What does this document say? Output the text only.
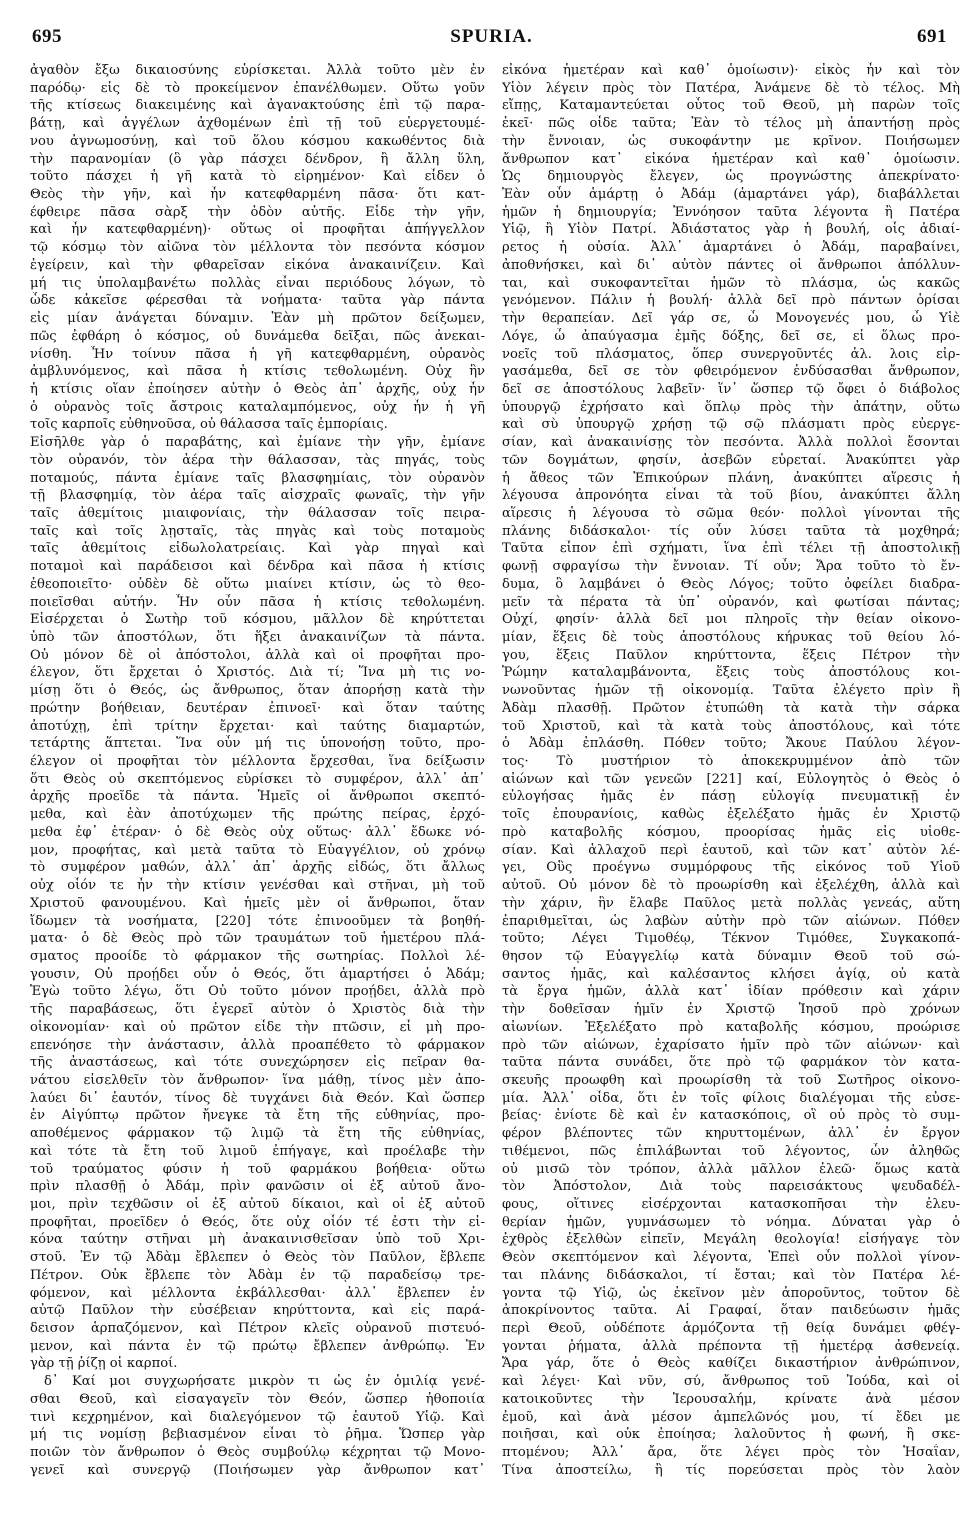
695	SPURIA.	691
ἀγαθὸν ἔξω δικαιοσύνης εὑρίσκεται. Ἀλλὰ τοῦτο μὲν ἐν
παρόδῳ· εἰς δὲ τὸ προκείμενον ἐπανέλθωμεν. Οὕτω γοῦν
τῆς κτίσεως διακειμένης καὶ ἀγανακτούσης ἐπὶ τῷ παρα-
βάτῃ, καὶ ἀγγέλων ἀχθομένων ἐπὶ τῇ τοῦ εὐεργετουμέ-
νου ἀγνωμοσύνῃ, καὶ τοῦ ὅλου κόσμου κακωθέντος διὰ
τὴν παρανομίαν (ὃ γὰρ πάσχει δένδρον, ἢ ἄλλη ὕλη,
τοῦτο πάσχει ἡ γῆ κατὰ τὸ εἰρημένον· Καὶ εἶδεν ὁ
Θεὸς τὴν γῆν, καὶ ἦν κατεφθαρμένη πᾶσα· ὅτι κατ-
έφθειρε πᾶσα σὰρξ τὴν ὁδὸν αὐτῆς. Εἶδε τὴν γῆν,
καὶ ἦν κατεφθαρμένη)· οὕτως οἱ προφῆται ἀπήγγελλον
τῷ κόσμῳ τὸν αἰῶνα τὸν μέλλοντα τὸν πεσόντα κόσμον
ἐγείρειν, καὶ τὴν φθαρεῖσαν εἰκόνα ἀνακαινίζειν. Καὶ
μή τις ὑπολαμβανέτω πολλὰς εἶναι περιόδους λόγων, τὸ
ὧδε κἀκεῖσε φέρεσθαι τὰ νοήματα· ταῦτα γὰρ πάντα
εἰς μίαν ἀνάγεται δύναμιν. Ἐὰν μὴ πρῶτον δείξωμεν,
πῶς ἐφθάρη ὁ κόσμος, οὐ δυνάμεθα δεῖξαι, πῶς ἀνεκαι-
νίσθη. Ἦν τοίνυν πᾶσα ἡ γῆ κατεφθαρμένη, οὐρανὸς
ἀμβλυνόμενος, καὶ πᾶσα ἡ κτίσις τεθολωμένη. Οὐχ ἣν
ἡ κτίσις οἵαν ἐποίησεν αὐτὴν ὁ Θεὸς ἀπ᾿ ἀρχῆς, οὐχ ἦν
ὁ οὐρανὸς τοῖς ἄστροις καταλαμπόμενος, οὐχ ἦν ἡ γῆ
τοῖς καρποῖς εὐθηνοῦσα, οὐ θάλασσα ταῖς ἐμπορίαις.
Εἰσῆλθε γὰρ ὁ παραβάτης, καὶ ἐμίανε τὴν γῆν, ἐμίανε
τὸν οὐρανόν, τὸν ἀέρα τὴν θάλασσαν, τὰς πηγάς, τοὺς
ποταμούς, πάντα ἐμίανε ταῖς βλασφημίαις, τὸν οὐρανὸν
τῇ βλασφημίᾳ, τὸν ἀέρα ταῖς αἰσχραῖς φωναῖς, τὴν γῆν
ταῖς ἀθεμίτοις μιαιφονίαις, τὴν θάλασσαν τοῖς πειρα-
ταῖς καὶ τοῖς λῃσταῖς, τὰς πηγὰς καὶ τοὺς ποταμοὺς
ταῖς ἀθεμίτοις εἰδωλολατρείαις. Καὶ γὰρ πηγαὶ καὶ
ποταμοὶ καὶ παράδεισοι καὶ δένδρα καὶ πᾶσα ἡ κτίσις
ἐθεοποιεῖτο· οὐδὲν δὲ οὕτω μιαίνει κτίσιν, ὡς τὸ θεο-
ποιεῖσθαι αὐτήν. Ἦν οὖν πᾶσα ἡ κτίσις τεθολωμένη.
Εἰσέρχεται ὁ Σωτὴρ τοῦ κόσμου, μᾶλλον δὲ κηρύττεται
ὑπὸ τῶν ἀποστόλων, ὅτι ἥξει ἀνακαινίζων τὰ πάντα.
Οὐ μόνον δὲ οἱ ἀπόστολοι, ἀλλὰ καὶ οἱ προφῆται προ-
έλεγον, ὅτι ἔρχεται ὁ Χριστός. Διὰ τί; Ἵνα μὴ τις νο-
μίσῃ ὅτι ὁ Θεός, ὡς ἄνθρωπος, ὅταν ἀπορήσῃ κατὰ τὴν
πρώτην βοήθειαν, δευτέραν ἐπινοεῖ· καὶ ὅταν ταύτης
ἀποτύχῃ, ἐπὶ τρίτην ἔρχεται· καὶ ταύτης διαμαρτών,
τετάρτης ἅπτεται. Ἵνα οὖν μή τις ὑπονοήσῃ τοῦτο, προ-
έλεγον οἱ προφῆται τὸν μέλλοντα ἔρχεσθαι, ἵνα δείξωσιν
ὅτι Θεὸς οὐ σκεπτόμενος εὑρίσκει τὸ συμφέρον, ἀλλ᾿ ἀπ᾿
ἀρχῆς προεῖδε τὰ πάντα. Ἡμεῖς οἱ ἄνθρωποι σκεπτό-
μεθα, καὶ ἐὰν ἀποτύχωμεν τῆς πρώτης πείρας, ἐρχό-
μεθα ἐφ᾿ ἑτέραν· ὁ δὲ Θεὸς οὐχ οὕτως· ἀλλ᾿ ἔδωκε νό-
μον, προφήτας, καὶ μετὰ ταῦτα τὸ Εὐαγγέλιον, οὐ χρόνῳ
τὸ συμφέρον μαθών, ἀλλ᾿ ἀπ᾿ ἀρχῆς εἰδώς, ὅτι ἄλλως
οὐχ οἷόν τε ἦν τὴν κτίσιν γενέσθαι καὶ στῆναι, μὴ τοῦ
Χριστοῦ φανουμένου. Καὶ ἡμεῖς μὲν οἱ ἄνθρωποι, ὅταν
ἴδωμεν τὰ νοσήματα, [220] τότε ἐπινοοῦμεν τὰ βοηθή-
ματα· ὁ δὲ Θεὸς πρὸ τῶν τραυμάτων τοῦ ἡμετέρου πλά-
σματος προοίδε τὸ φάρμακον τῆς σωτηρίας. Πολλοὶ λέ-
γουσιν, Οὐ προῄδει οὖν ὁ Θεός, ὅτι ἁμαρτήσει ὁ Ἀδάμ;
Ἐγὼ τοῦτο λέγω, ὅτι Οὐ τοῦτο μόνον προῄδει, ἀλλὰ πρὸ
τῆς παραβάσεως, ὅτι ἐγερεῖ αὐτὸν ὁ Χριστὸς διὰ τὴν
οἰκονομίαν· καὶ οὐ πρῶτον εἶδε τὴν πτῶσιν, εἶ μὴ προ-
επενόησε τὴν ἀνάστασιν, ἀλλὰ προαπέθετο τὸ φάρμακον
τῆς ἀναστάσεως, καὶ τότε συνεχώρησεν εἰς πεῖραν θα-
νάτου εἰσελθεῖν τὸν ἄνθρωπον· ἵνα μάθῃ, τίνος μὲν ἀπο-
λαύει δι᾿ ἑαυτόν, τίνος δὲ τυγχάνει διὰ Θεόν. Καὶ ὥσπερ
ἐν Αἰγύπτῳ πρῶτον ἤνεγκε τὰ ἔτη τῆς εὐθηνίας, προ-
αποθέμενος φάρμακον τῷ λιμῷ τὰ ἔτη τῆς εὐθηνίας,
καὶ τότε τὰ ἔτη τοῦ λιμοῦ ἐπήγαγε, καὶ προέλαβε τὴν
τοῦ τραύματος φύσιν ἡ τοῦ φαρμάκου βοήθεια· οὕτω
πρὶν πλασθῇ ὁ Ἀδάμ, πρὶν φανῶσιν οἱ ἐξ αὐτοῦ ἄνο-
μοι, πρὶν τεχθῶσιν οἱ ἐξ αὐτοῦ δίκαιοι, καὶ οἱ ἐξ αὐτοῦ
προφῆται, προεῖδεν ὁ Θεός, ὅτε οὐχ οἷόν τέ ἐστι τὴν εἰ-
κόνα ταύτην στῆναι μὴ ἀνακαινισθεῖσαν ὑπὸ τοῦ Χρι-
στοῦ. Ἐν τῷ Ἀδὰμ ἔβλεπεν ὁ Θεὸς τὸν Παῦλον, ἔβλεπε
Πέτρον. Οὐκ ἔβλεπε τὸν Ἀδὰμ ἐν τῷ παραδείσῳ τρε-
φόμενον, καὶ μέλλοντα ἐκβάλλεσθαι· ἀλλ᾿ ἔβλεπεν ἐν
αὐτῷ Παῦλον τὴν εὐσέβειαν κηρύττοντα, καὶ εἰς παρά-
δεισον ἁρπαζόμενον, καὶ Πέτρον κλεῖς οὐρανοῦ πιστευό-
μενον, καὶ πάντα ἐν τῷ πρώτῳ ἔβλεπεν ἀνθρώπῳ. Ἐν
γὰρ τῇ ῥίζῃ οἱ καρποί.
δ᾿ Καί μοι συγχωρήσατε μικρὸν τι ὡς ἐν ὁμιλίᾳ γενέ-
σθαι Θεοῦ, καὶ εἰσαγαγεῖν τὸν Θεόν, ὥσπερ ἠθοποιία
τινὶ κεχρημένον, καὶ διαλεγόμενον τῷ ἑαυτοῦ Υἱῷ. Καὶ
μή τις νομίσῃ βεβιασμένον εἶναι τὸ ῥῆμα. Ὥσπερ γὰρ
ποιῶν τὸν ἄνθρωπον ὁ Θεὸς συμβούλῳ κέχρηται τῷ Μονο-
γενεῖ καὶ συνεργῷ (Ποιήσωμεν γὰρ ἄνθρωπον κατ᾿
εἰκόνα ἡμετέραν καὶ καθ᾿ ὁμοίωσιν)· εἰκὸς ἦν καὶ τὸν
Υἱὸν λέγειν πρὸς τὸν Πατέρα, Ἀνάμενε δὲ τὸ τέλος. Μὴ
εἴπῃς, Καταμαντεύεται οὗτος τοῦ Θεοῦ, μὴ παρὼν τοῖς
ἐκεῖ· πῶς οἶδε ταῦτα; Ἐὰν τὸ τέλος μὴ ἀπαντήσῃ πρὸς
τὴν ἔννοιαν, ὡς συκοφάντην με κρῖνον. Ποιήσωμεν
ἄνθρωπον κατ᾿ εἰκόνα ἡμετέραν καὶ καθ᾿ ὁμοίωσιν.
Ὡς δημιουργὸς ἔλεγεν, ὡς προγνώστης ἀπεκρίνατο·
Ἐὰν οὖν ἁμάρτῃ ὁ Ἀδάμ (ἁμαρτάνει γάρ), διαβάλλεται
ἡμῶν ἡ δημιουργία; Ἐννόησον ταῦτα λέγοντα ἢ Πατέρα
Υἱῷ, ἢ Υἱὸν Πατρί. Ἀδιάστατος γὰρ ἡ βουλή, οἷς ἀδιαί-
ρετος ἡ οὐσία. Ἀλλ᾿ ἁμαρτάνει ὁ Ἀδάμ, παραβαίνει,
ἀποθνήσκει, καὶ δι᾿ αὐτὸν πάντες οἱ ἄνθρωποι ἀπόλλυν-
ται, καὶ συκοφαντεῖται ἡμῶν τὸ πλάσμα, ὡς κακῶς
γενόμενον. Πάλιν ἡ βουλή· ἀλλὰ δεῖ πρὸ πάντων ὁρίσαι
τὴν θεραπείαν. Δεῖ γάρ σε, ὦ Μονογενές μου, ὦ Υἱὲ
Λόγε, ὦ ἀπαύγασμα ἐμῆς δόξης, δεῖ σε, εἰ ὅλως προ-
νοεῖς τοῦ πλάσματος, ὅπερ συνεργοῦντές ἀλ. λοις εἰρ-
γασάμεθα, δεῖ σε τὸν φθειρόμενον ἐνδύσασθαι ἄνθρωπον,
δεῖ σε ἀποστόλους λαβεῖν· ἵν᾿ ὥσπερ τῷ ὄφει ὁ διάβολος
ὑπουργῷ ἐχρήσατο καὶ ὅπλῳ πρὸς τὴν ἀπάτην, οὕτω
καὶ σὺ ὑπουργῷ χρήσῃ τῷ σῷ πλάσματι πρὸς εὐεργε-
σίαν, καὶ ἀνακαινίσῃς τὸν πεσόντα. Ἀλλὰ πολλοὶ ἔσονται
τῶν δογμάτων, φησίν, ἀσεβῶν εὑρεταί. Ἀνακύπτει γὰρ
ἡ ἄθεος τῶν Ἐπικούρων πλάνη, ἀνακύπτει αἵρεσις ἡ
λέγουσα ἀπρονόητα εἶναι τὰ τοῦ βίου, ἀνακύπτει ἄλλη
αἵρεσις ἡ λέγουσα τὸ σῶμα θεόν· πολλοὶ γίνονται τῆς
πλάνης διδάσκαλοι· τίς οὖν λύσει ταῦτα τὰ μοχθηρά;
Ταῦτα εἶπον ἐπὶ σχήματι, ἵνα ἐπὶ τέλει τῇ ἀποστολικῇ
φωνῇ σφραγίσω τὴν ἔννοιαν. Τί οὖν; Ἄρα τοῦτο τὸ ἔν-
δυμα, ὃ λαμβάνει ὁ Θεὸς Λόγος; τοῦτο ὀφείλει διαδρα-
μεῖν τὰ πέρατα τὰ ὑπ᾿ οὐρανόν, καὶ φωτίσαι πάντας;
Οὐχί, φησίν· ἀλλὰ δεῖ μοι πληροῖς τὴν θείαν οἰκονο-
μίαν, ἕξεις δὲ τοὺς ἀποστόλους κήρυκας τοῦ θείου λό-
γου, ἕξεις Παῦλον κηρύττοντα, ἕξεις Πέτρον τὴν
Ῥώμην καταλαμβάνοντα, ἕξεις τοὺς ἀποστόλους κοι-
νωνοῦντας ἡμῶν τῇ οἰκονομίᾳ. Ταῦτα ἐλέγετο πρὶν ἢ
Ἀδὰμ πλασθῇ. Πρῶτον ἐτυπώθη τὰ κατὰ τὴν σάρκα
τοῦ Χριστοῦ, καὶ τὰ κατὰ τοὺς ἀποστόλους, καὶ τότε
ὁ Ἀδὰμ ἐπλάσθη. Πόθεν τοῦτο; Ἄκουε Παύλου λέγον-
τος· Τὸ μυστήριον τὸ ἀποκεκρυμμένον ἀπὸ τῶν
αἰώνων καὶ τῶν γενεῶν [221] καί, Εὐλογητὸς ὁ Θεὸς ὁ
εὐλογήσας ἡμᾶς ἐν πάσῃ εὐλογίᾳ πνευματικῇ ἐν
τοῖς ἐπουρανίοις, καθὼς ἐξελέξατο ἡμᾶς ἐν Χριστῷ
πρὸ καταβολῆς κόσμου, προορίσας ἡμᾶς εἰς υἱοθε-
σίαν. Καὶ ἀλλαχοῦ περὶ ἑαυτοῦ, καὶ τῶν κατ᾿ αὐτὸν λέ-
γει, Οὓς προέγνω συμμόρφους τῆς εἰκόνος τοῦ Υἱοῦ
αὐτοῦ. Οὐ μόνον δὲ τὸ προωρίσθη καὶ ἐξελέχθη, ἀλλὰ καὶ
τὴν χάριν, ἣν ἔλαβε Παῦλος μετὰ πολλὰς γενεάς, αὕτη
ἐπαριθμεῖται, ὡς λαβὼν αὐτὴν πρὸ τῶν αἰώνων. Πόθεν
τοῦτο; Λέγει Τιμοθέῳ, Τέκνον Τιμόθεε, Συγκακοπά-
θησον τῷ Εὐαγγελίῳ κατὰ δύναμιν Θεοῦ τοῦ σώ-
σαντος ἡμᾶς, καὶ καλέσαντος κλήσει ἁγίᾳ, οὐ κατὰ
τὰ ἔργα ἡμῶν, ἀλλὰ κατ᾿ ἰδίαν πρόθεσιν καὶ χάριν
τὴν δοθεῖσαν ἡμῖν ἐν Χριστῷ Ἰησοῦ πρὸ χρόνων
αἰωνίων. Ἐξελέξατο πρὸ καταβολῆς κόσμου, προώρισε
πρὸ τῶν αἰώνων, ἐχαρίσατο ἡμῖν πρὸ τῶν αἰώνων· καὶ
ταῦτα πάντα συνάδει, ὅτε πρὸ τῷ φαρμάκον τὸν κατα-
σκευῆς προωφθη καὶ προωρίσθη τὰ τοῦ Σωτῆρος οἰκονο-
μία. Ἀλλ᾿ οἶδα, ὅτι ἐν τοῖς φίλοις διαλέγομαι τῆς εὐσε-
βείας· ἐνίοτε δὲ καὶ ἐν κατασκόποις, οἳ οὐ πρὸς τὸ συμ-
φέρον βλέποντες τῶν κηρυττομένων, ἀλλ᾿ ἐν ἔργον
τιθέμενοι, πῶς ἐπιλάβωνται τοῦ λέγοντος, ὧν ἀληθῶς
οὐ μισῶ τὸν τρόπον, ἀλλὰ μᾶλλον ἐλεῶ· ὅμως κατὰ
τὸν Ἀπόστολον, Διὰ τοὺς παρεισάκτους ψευδαδέλ-
φους, οἵτινες εἰσέρχονται κατασκοπῆσαι τὴν ἐλευ-
θερίαν ἡμῶν, γυμνάσωμεν τὸ νόημα. Δύναται γὰρ ὁ
ἐχθρὸς ἐξελθὼν εἰπεῖν, Μεγάλη θεολογία! εἰσήγαγε τὸν
Θεὸν σκεπτόμενον καὶ λέγοντα, Ἐπεὶ οὖν πολλοὶ γίνον-
ται πλάνης διδάσκαλοι, τί ἔσται; καὶ τὸν Πατέρα λέ-
γοντα τῷ Υἱῷ, ὡς ἐκεῖνον μὲν ἀποροῦντος, τοῦτον δὲ
ἀποκρίνοντος ταῦτα. Αἱ Γραφαί, ὅταν παιδεύωσιν ἡμᾶς
περὶ Θεοῦ, οὐδέποτε ἁρμόζοντα τῇ θείᾳ δυνάμει φθέγ-
γονται ῥήματα, ἀλλὰ πρέποντα τῇ ἡμετέρᾳ ἀσθενείᾳ.
Ἄρα γάρ, ὅτε ὁ Θεὸς καθίζει δικαστήριον ἀνθρώπινον,
καὶ λέγει· Καὶ νῦν, σύ, ἄνθρωπος τοῦ Ἰούδα, καὶ οἱ
κατοικοῦντες τὴν Ἱερουσαλήμ, κρίνατε ἀνὰ μέσον
ἐμοῦ, καὶ ἀνὰ μέσον ἀμπελῶνός μου, τί ἔδει με
ποιῆσαι, καὶ οὐκ ἐποίησα; λαλοῦντος ἡ φωνή, ἢ σκε-
πτομένου; Ἀλλ᾿ ἄρα, ὅτε λέγει πρὸς τὸν Ἡσαΐαν,
Τίνα ἀποστείλω, ἢ τίς πορεύσεται πρὸς τὸν λαὸν
